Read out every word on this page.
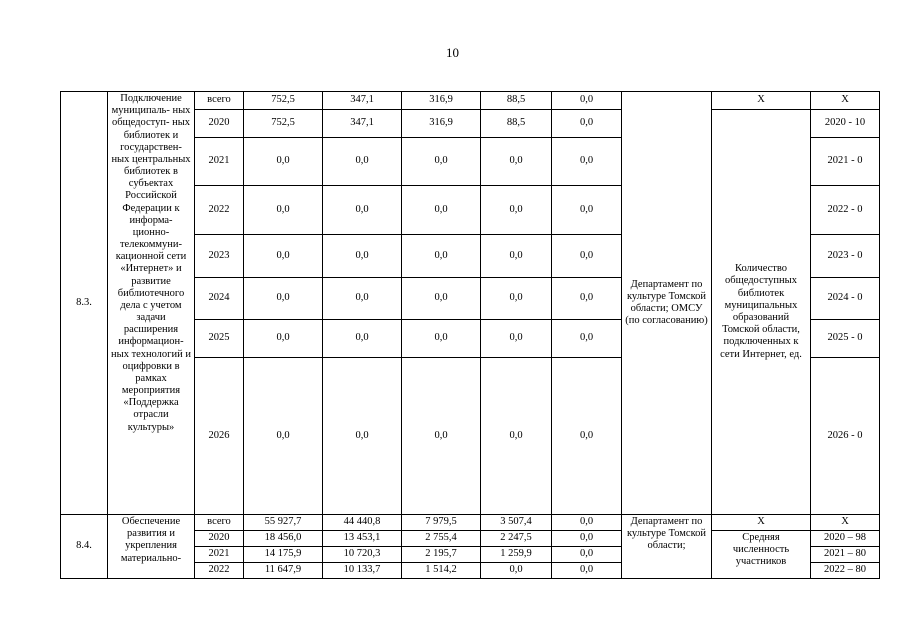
10
8.3.	Подключение муниципаль- ных общедоступ- ных библиотек и государствен- ных центральных библиотек в субъектах Российской Федерации к информа- ционно- телекоммуни- кационной сети «Интернет» и развитие библиотечного дела с учетом задачи расширения информацион- ных технологий и оцифровки в рамках мероприятия «Поддержка отрасли культуры»	всего	752,5	347,1	316,9	88,5	0,0	Департамент по культуре Томской области; ОМСУ (по согласованию)	Х	Х
		2020	752,5	347,1	316,9	88,5	0,0		Количество общедоступных библиотек муниципальных образований Томской области, подключенных к сети Интернет, ед.	2020 - 10
		2021	0,0	0,0	0,0	0,0	0,0			2021 - 0
		2022	0,0	0,0	0,0	0,0	0,0			2022 - 0
		2023	0,0	0,0	0,0	0,0	0,0			2023 - 0
		2024	0,0	0,0	0,0	0,0	0,0			2024 - 0
		2025	0,0	0,0	0,0	0,0	0,0			2025 - 0
		2026	0,0	0,0	0,0	0,0	0,0			2026 - 0
8.4.	Обеспечение развития и укрепления материально-	всего	55 927,7	44 440,8	7 979,5	3 507,4	0,0	Департамент по культуре Томской области;	Х	Х
		2020	18 456,0	13 453,1	2 755,4	2 247,5	0,0		Средняя численность участников	2020 – 98
		2021	14 175,9	10 720,3	2 195,7	1 259,9	0,0			2021 – 80
		2022	11 647,9	10 133,7	1 514,2	0,0	0,0			2022 – 80
